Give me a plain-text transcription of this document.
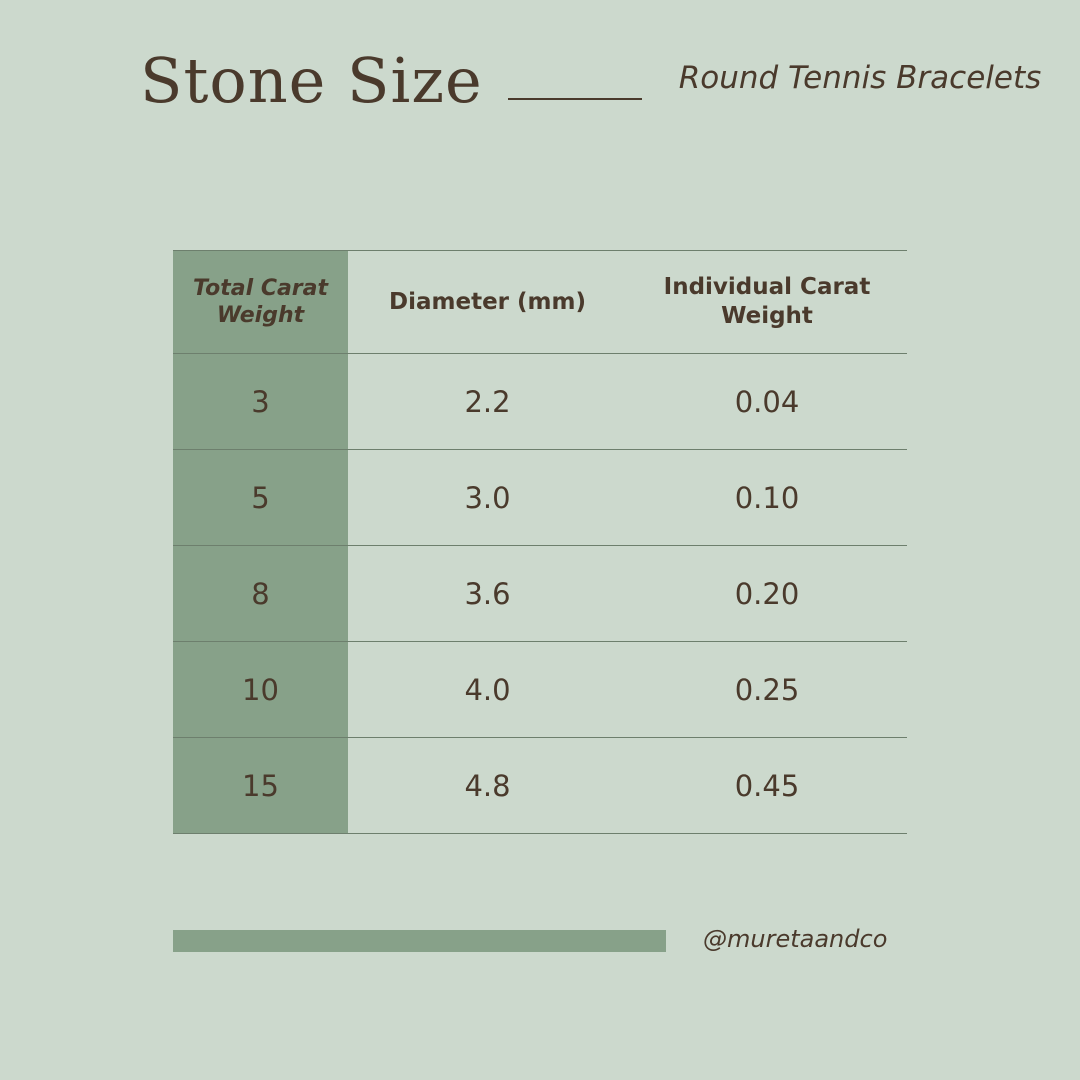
Stone Size	Round Tennis Bracelets
Total Carat Weight	Diameter (mm)	Individual Carat Weight
3	2.2	0.04
5	3.0	0.10
8	3.6	0.20
10	4.0	0.25
15	4.8	0.45
@muretaandco
